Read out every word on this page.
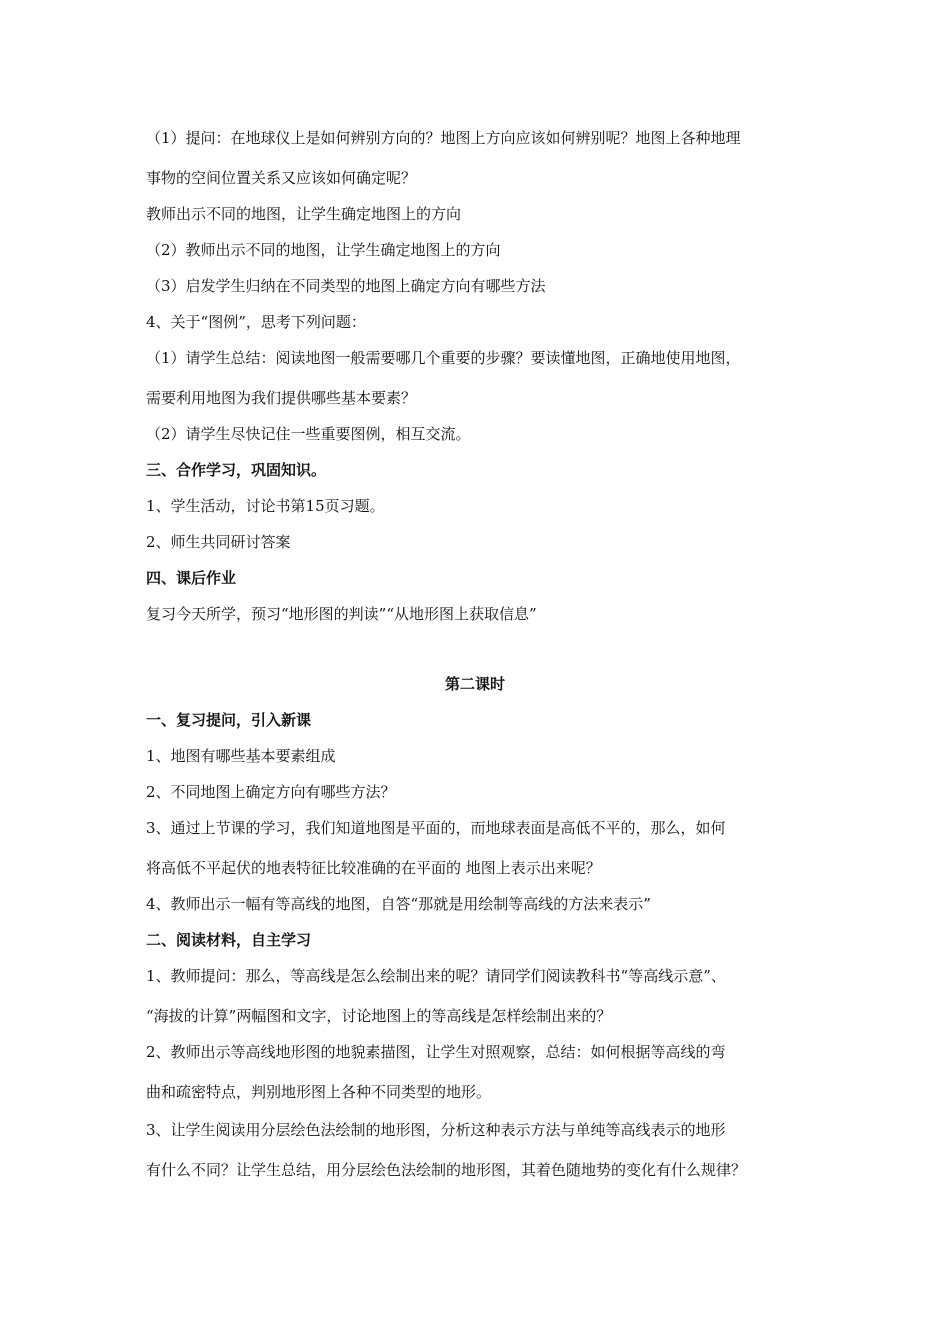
（1）提问：在地球仪上是如何辨别方向的？地图上方向应该如何辨别呢？地图上各种地理
事物的空间位置关系又应该如何确定呢？
教师出示不同的地图，让学生确定地图上的方向
（2）教师出示不同的地图，让学生确定地图上的方向
（3）启发学生归纳在不同类型的地图上确定方向有哪些方法
4、关于“图例”，思考下列问题：
（1）请学生总结：阅读地图一般需要哪几个重要的步骤？要读懂地图，正确地使用地图，
需要利用地图为我们提供哪些基本要素？
（2）请学生尽快记住一些重要图例，相互交流。
三、合作学习，巩固知识。
1、学生活动，讨论书第15页习题。
2、师生共同研讨答案
四、课后作业
复习今天所学，预习“地形图的判读”“从地形图上获取信息”
第二课时
一、复习提问，引入新课
1、地图有哪些基本要素组成
2、不同地图上确定方向有哪些方法？
3、通过上节课的学习，我们知道地图是平面的，而地球表面是高低不平的，那么，如何
将高低不平起伏的地表特征比较准确的在平面的 地图上表示出来呢？
4、教师出示一幅有等高线的地图，自答“那就是用绘制等高线的方法来表示”
二、阅读材料，自主学习
1、教师提问：那么，等高线是怎么绘制出来的呢？请同学们阅读教科书“等高线示意”、
“海拔的计算”两幅图和文字，讨论地图上的等高线是怎样绘制出来的？
2、教师出示等高线地形图的地貌素描图，让学生对照观察，总结：如何根据等高线的弯
曲和疏密特点，判别地形图上各种不同类型的地形。
3、让学生阅读用分层绘色法绘制的地形图，分析这种表示方法与单纯等高线表示的地形
有什么不同？让学生总结，用分层绘色法绘制的地形图，其着色随地势的变化有什么规律？
